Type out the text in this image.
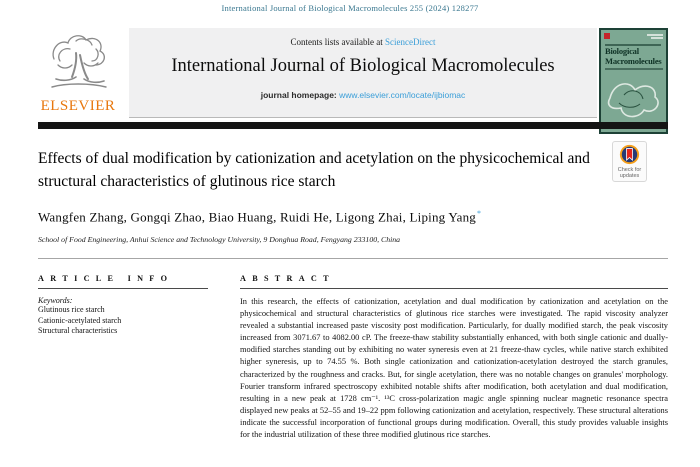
International Journal of Biological Macromolecules 255 (2024) 128277
ELSEVIER
Contents lists available at ScienceDirect
International Journal of Biological Macromolecules
journal homepage: www.elsevier.com/locate/ijbiomac
Biological
Macromolecules
Effects of dual modification by cationization and acetylation on the physicochemical and structural characteristics of glutinous rice starch
Check for
updates
Wangfen Zhang, Gongqi Zhao, Biao Huang, Ruidi He, Ligong Zhai, Liping Yang*
School of Food Engineering, Anhui Science and Technology University, 9 Donghua Road, Fengyang 233100, China
A R T I C L E   I N F O
Keywords:
Glutinous rice starch
Cationic-acetylated starch
Structural characteristics
A B S T R A C T
In this research, the effects of cationization, acetylation and dual modification by cationization and acetylation on the physicochemical and structural characteristics of glutinous rice starches were investigated. The rapid viscosity analyzer revealed a substantial increased paste viscosity post modification. Particularly, for dually modified starch, the peak viscosity increased from 3071.67 to 4082.00 cP. The freeze-thaw stability substantially enhanced, with both single cationic and dually-modified starches standing out by exhibiting no water syneresis even at 21 freeze-thaw cycles, while native starch exhibited higher syneresis, up to 74.55 %. Both single cationization and cationization-acetylation destroyed the starch granules, characterized by the roughness and cracks. But, for single acetylation, there was no notable changes on granules' morphology. Fourier transform infrared spectroscopy exhibited notable shifts after modification, both acetylation and dual modification, resulting in a new peak at 1728 cm⁻¹. ¹³C cross-polarization magic angle spinning nuclear magnetic resonance spectra displayed new peaks at 52–55 and 19–22 ppm following cationization and acetylation, respectively. These structural alterations indicate the successful incorporation of functional groups during modification. Overall, this study provides valuable insights for the industrial utilization of these three modified glutinous rice starches.
